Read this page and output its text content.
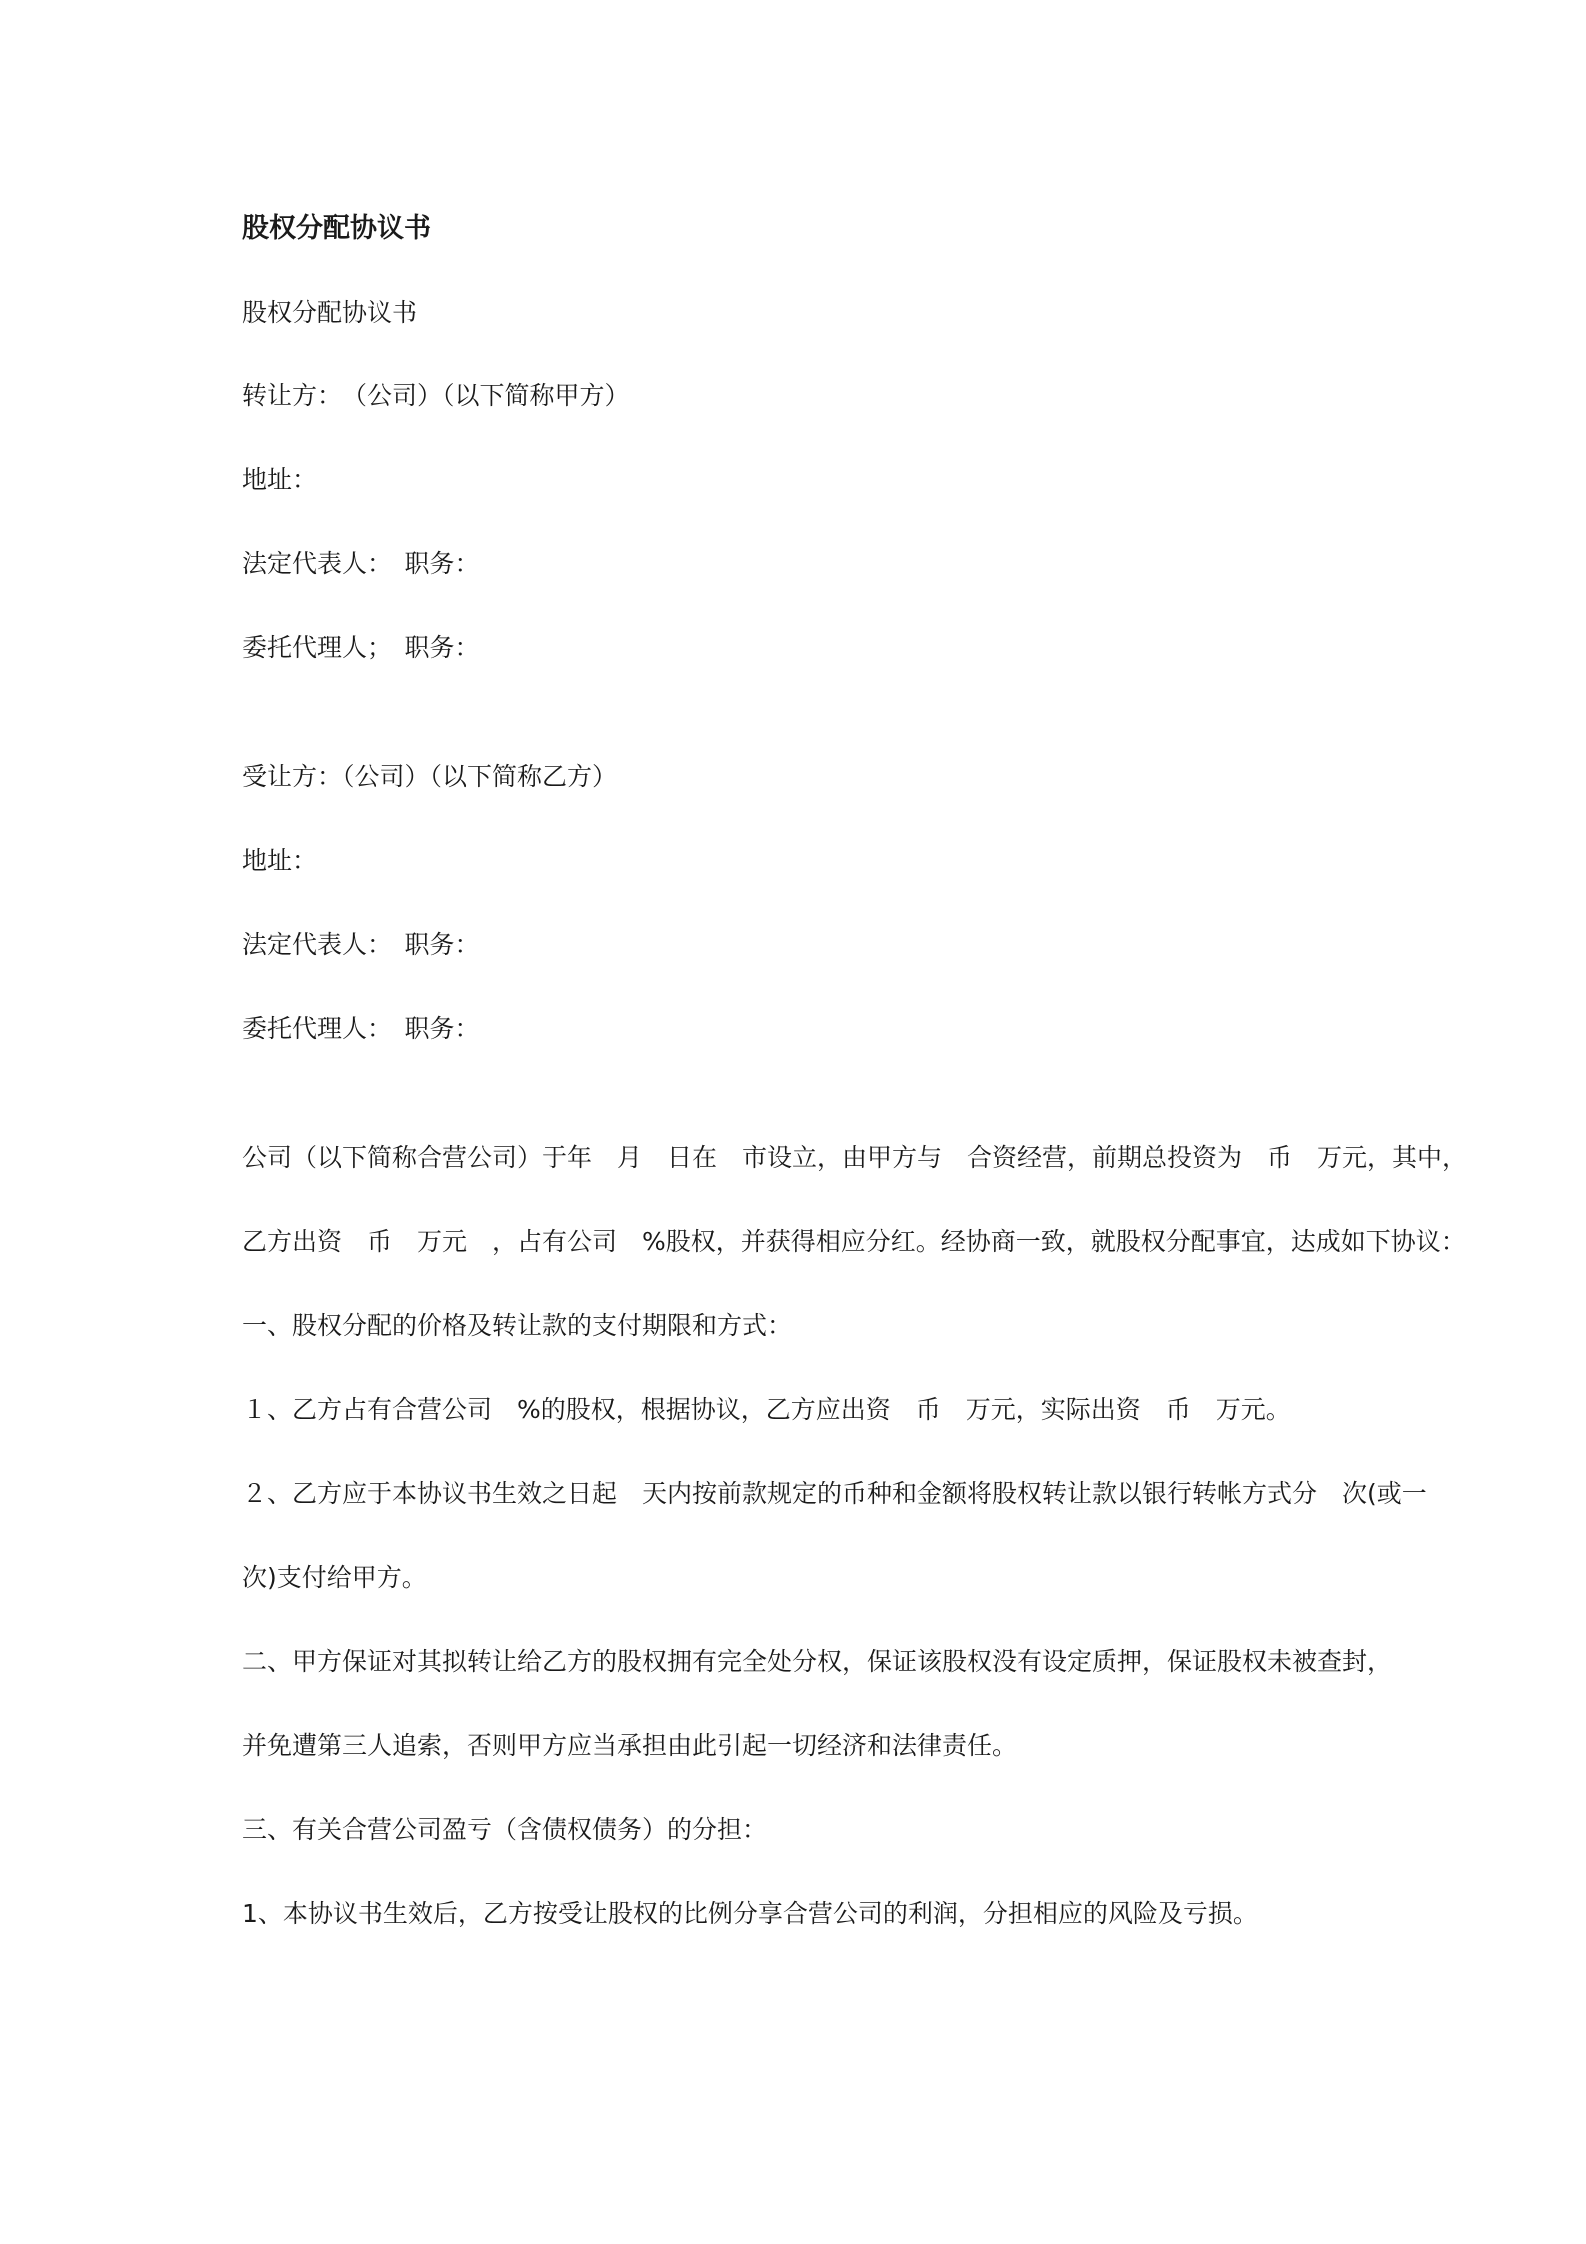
股权分配协议书
股权分配协议书
转让方：　（公司）（以下简称甲方）
地址：
法定代表人：　职务：
委托代理人；　职务：
受让方：（公司）（以下简称乙方）
地址：
法定代表人：　职务：
委托代理人：　职务：
公司（以下简称合营公司）于年　月　日在　市设立，由甲方与　合资经营，前期总投资为　币　万元，其中，
乙方出资　币　万元　，占有公司　%股权，并获得相应分红。经协商一致，就股权分配事宜，达成如下协议：
一、股权分配的价格及转让款的支付期限和方式：
１、乙方占有合营公司　%的股权，根据协议，乙方应出资　币　万元，实际出资　币　万元。
２、乙方应于本协议书生效之日起　天内按前款规定的币种和金额将股权转让款以银行转帐方式分　次(或一
次)支付给甲方。
二、甲方保证对其拟转让给乙方的股权拥有完全处分权，保证该股权没有设定质押，保证股权未被查封，
并免遭第三人追索，否则甲方应当承担由此引起一切经济和法律责任。
三、有关合营公司盈亏（含债权债务）的分担：
1、本协议书生效后，乙方按受让股权的比例分享合营公司的利润，分担相应的风险及亏损。
